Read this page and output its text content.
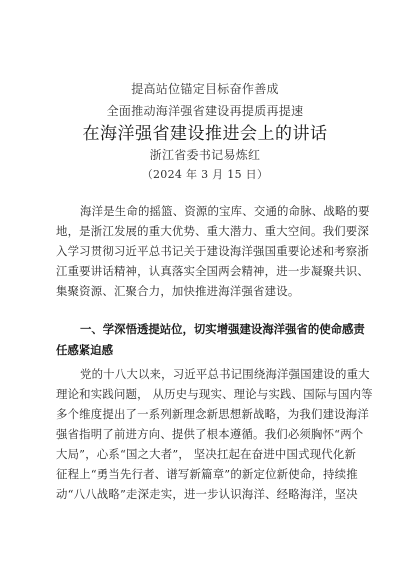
提高站位锚定目标奋作善成
全面推动海洋强省建设再提质再提速
在海洋强省建设推进会上的讲话
浙江省委书记易炼红
（2024 年 3 月 15 日）
海洋是生命的摇篮、资源的宝库、交通的命脉、战略的要
地，是浙江发展的重大优势、重大潜力、重大空间。我们要深
入学习贯彻习近平总书记关于建设海洋强国重要论述和考察浙
江重要讲话精神，认真落实全国两会精神，进一步凝聚共识、
集聚资源、汇聚合力，加快推进海洋强省建设。
一、学深悟透提站位，切实增强建设海洋强省的使命感责
任感紧迫感
党的十八大以来，习近平总书记围绕海洋强国建设的重大
理论和实践问题， 从历史与现实、理论与实践、国际与国内等
多个维度提出了一系列新理念新思想新战略，为我们建设海洋
强省指明了前进方向、提供了根本遵循。我们必须胸怀“两个
大局”，心系“国之大者”， 坚决扛起在奋进中国式现代化新
征程上“勇当先行者、谱写新篇章”的新定位新使命，持续推
动“八八战略”走深走实，进一步认识海洋、经略海洋，坚决
